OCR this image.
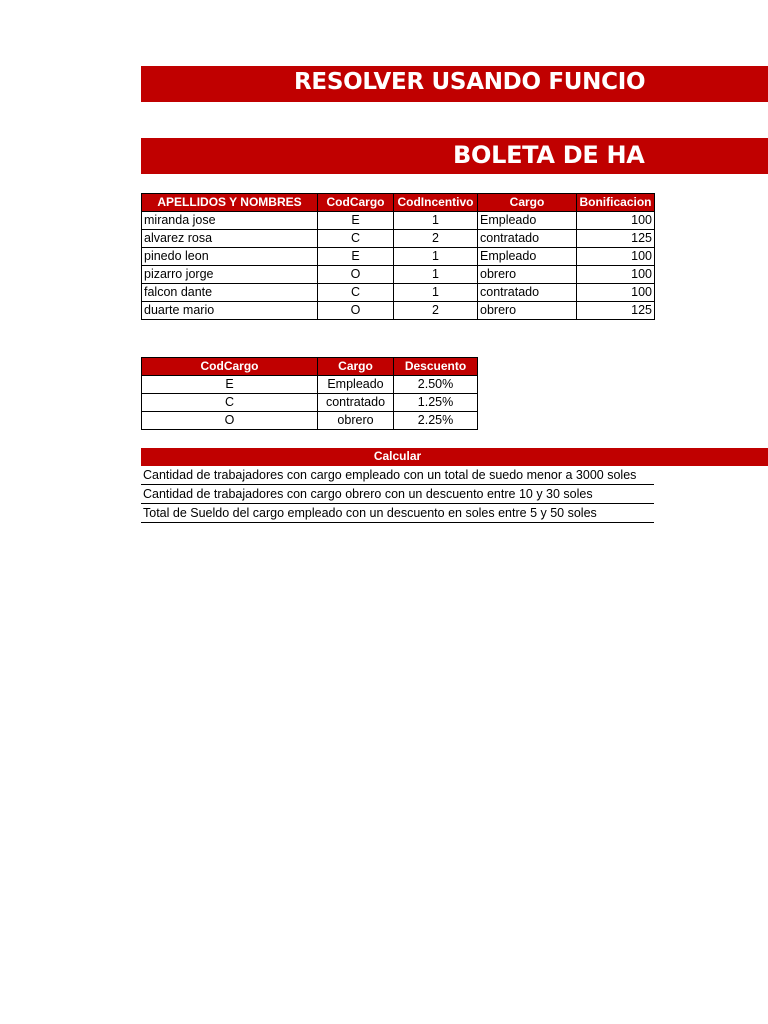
RESOLVER USANDO FUNCIO
BOLETA DE HA
APELLIDOS Y NOMBRES	CodCargo	CodIncentivo	Cargo	Bonificacion
miranda jose	E	1	Empleado	100
alvarez rosa	C	2	contratado	125
pinedo leon	E	1	Empleado	100
pizarro jorge	O	1	obrero	100
falcon dante	C	1	contratado	100
duarte mario	O	2	obrero	125
CodCargo	Cargo	Descuento
E	Empleado	2.50%
C	contratado	1.25%
O	obrero	2.25%
Calcular
Cantidad de trabajadores con cargo empleado con un total de suedo menor a 3000 soles
Cantidad de trabajadores con cargo obrero con un descuento entre 10 y 30 soles
Total de Sueldo del cargo empleado con un descuento en soles entre 5 y 50 soles
